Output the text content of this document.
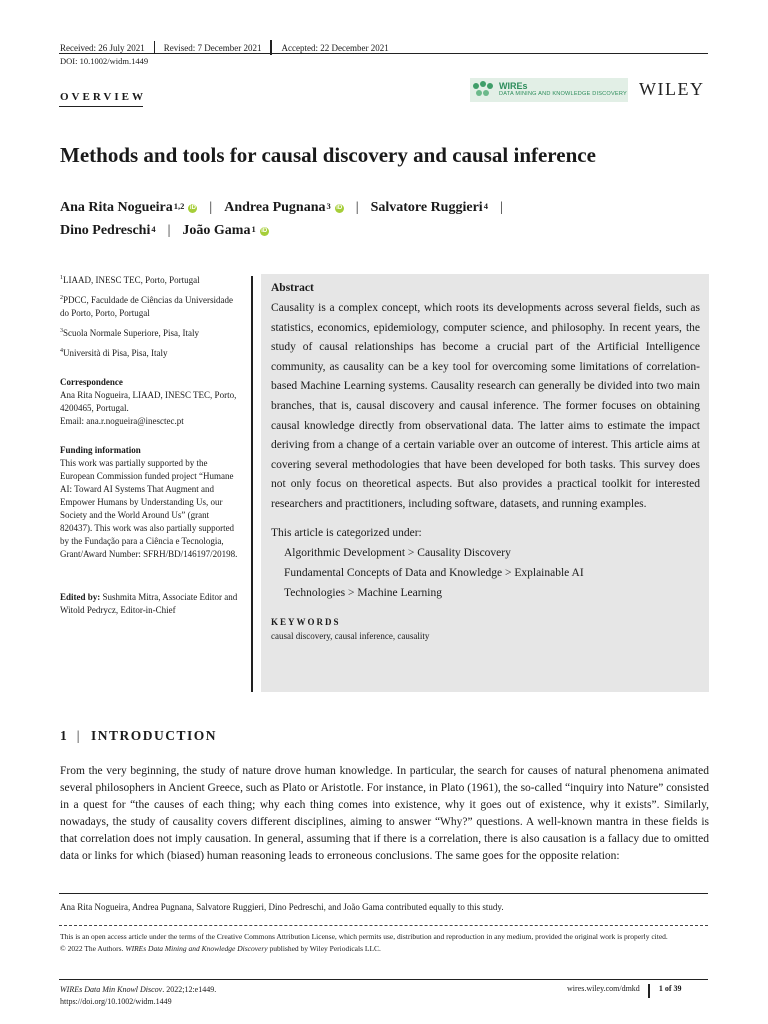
Received: 26 July 2021 Revised: 7 December 2021 Accepted: 22 December 2021
DOI: 10.1002/widm.1449
OVERVIEW
WIREs
DATA MINING AND KNOWLEDGE DISCOVERY WILEY
Methods and tools for causal discovery and causal inference
Ana Rita Nogueira$^{1,2}$ iD | Andrea Pugnana$^3$ iD | Salvatore Ruggieri$^4$ |
Dino Pedreschi$^4$ | João Gama$^1$ iD
$^1$LIAAD, INESC TEC, Porto, Portugal
$^2$PDCC, Faculdade de Ciências da Universidade do Porto, Porto, Portugal
$^3$Scuola Normale Superiore, Pisa, Italy
$^4$Università di Pisa, Pisa, Italy
Correspondence
Ana Rita Nogueira, LIAAD, INESC TEC, Porto, 4200465, Portugal.
Email: ana.r.nogueira@inesctec.pt
Funding information
This work was partially supported by the European Commission funded project “Humane AI: Toward AI Systems That Augment and Empower Humans by Understanding Us, our Society and the World Around Us” (grant 820437). This work was also partially supported by the Fundação para a Ciência e Tecnologia, Grant/Award Number: SFRH/BD/146197/20198.
Edited by: Sushmita Mitra, Associate Editor and Witold Pedrycz, Editor-in-Chief
Abstract
Causality is a complex concept, which roots its developments across several fields, such as statistics, economics, epidemiology, computer science, and philosophy. In recent years, the study of causal relationships has become a crucial part of the Artificial Intelligence community, as causality can be a key tool for overcoming some limitations of correlation-based Machine Learning systems. Causality research can generally be divided into two main branches, that is, causal discovery and causal inference. The former focuses on obtaining causal knowledge directly from observational data. The latter aims to estimate the impact deriving from a change of a certain variable over an outcome of interest. This article aims at covering several methodologies that have been developed for both tasks. This survey does not only focus on theoretical aspects. But also provides a practical toolkit for interested researchers and practitioners, including software, datasets, and running examples.
This article is categorized under:
Algorithmic Development > Causality Discovery
Fundamental Concepts of Data and Knowledge > Explainable AI
Technologies > Machine Learning
KEYWORDS
causal discovery, causal inference, causality
1 | INTRODUCTION
From the very beginning, the study of nature drove human knowledge. In particular, the search for causes of natural phenomena animated several philosophers in Ancient Greece, such as Plato or Aristotle. For instance, in Plato (1961), the so-called “inquiry into Nature” consisted in a quest for “the causes of each thing; why each thing comes into existence, why it goes out of existence, why it exists”. Similarly, nowadays, the study of causality covers different disciplines, aiming to answer “Why?” questions. A well-known mantra in these fields is that correlation does not imply causation. In general, assuming that if there is a correlation, there is also causation is a fallacy due to omitted data or links for which (biased) human reasoning leads to erroneous conclusions. The same goes for the opposite relation:
Ana Rita Nogueira, Andrea Pugnana, Salvatore Ruggieri, Dino Pedreschi, and João Gama contributed equally to this study.
This is an open access article under the terms of the Creative Commons Attribution License, which permits use, distribution and reproduction in any medium, provided the original work is properly cited.
© 2022 The Authors. WIREs Data Mining and Knowledge Discovery published by Wiley Periodicals LLC.
WIREs Data Min Knowl Discov. 2022;12:e1449.
https://doi.org/10.1002/widm.1449
wires.wiley.com/dmkd 1 of 39
